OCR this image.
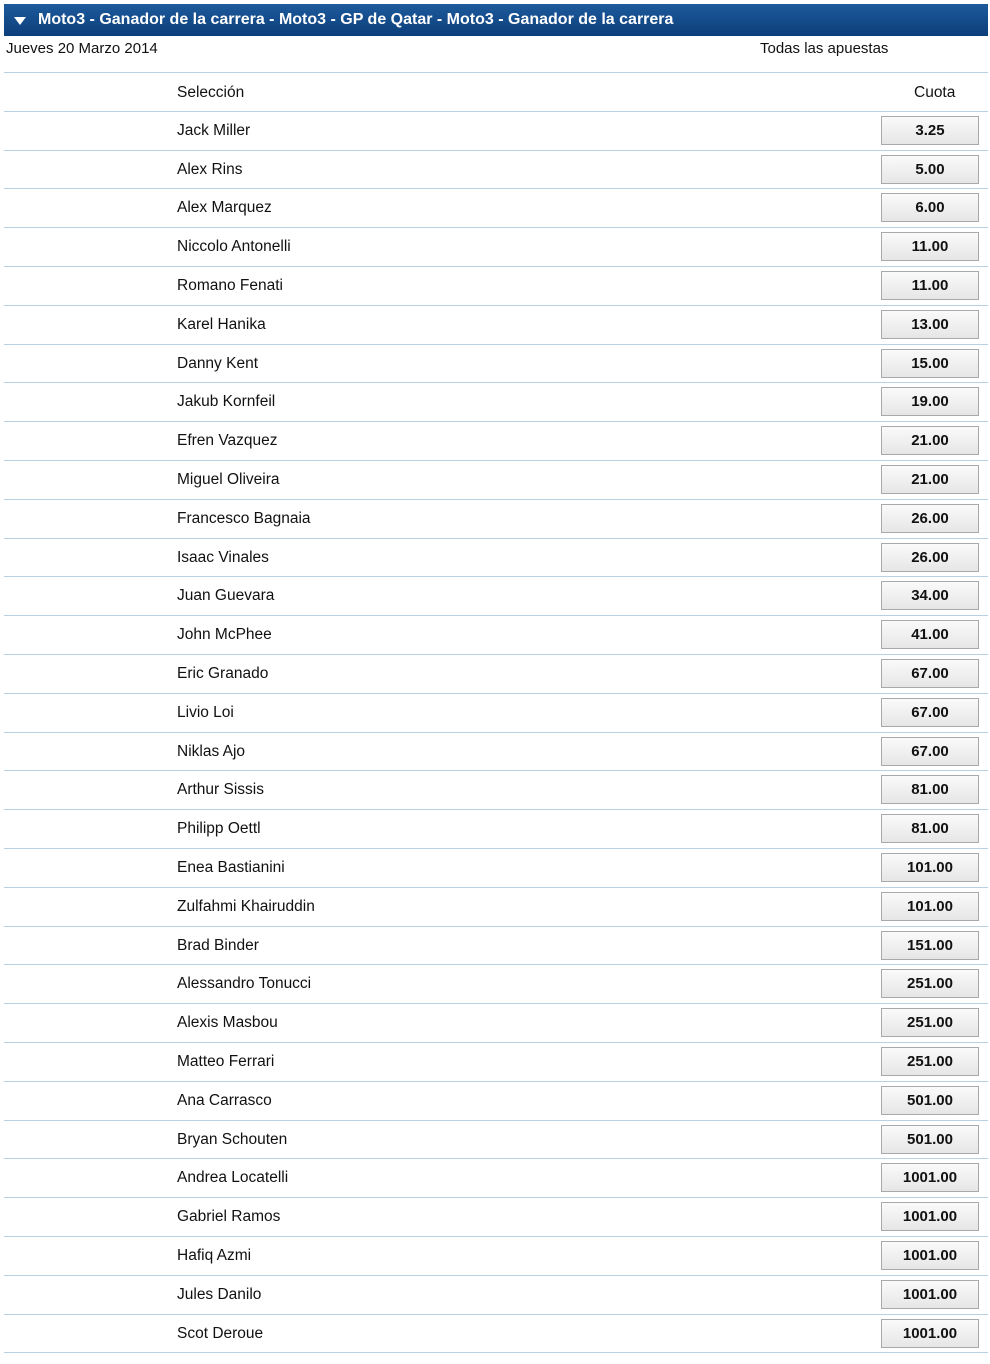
Moto3 - Ganador de la carrera - Moto3 - GP de Qatar - Moto3 - Ganador de la carrera
Jueves 20 Marzo 2014	Todas las apuestas
Selección	Cuota
Jack Miller	3.25
Alex Rins	5.00
Alex Marquez	6.00
Niccolo Antonelli	11.00
Romano Fenati	11.00
Karel Hanika	13.00
Danny Kent	15.00
Jakub Kornfeil	19.00
Efren Vazquez	21.00
Miguel Oliveira	21.00
Francesco Bagnaia	26.00
Isaac Vinales	26.00
Juan Guevara	34.00
John McPhee	41.00
Eric Granado	67.00
Livio Loi	67.00
Niklas Ajo	67.00
Arthur Sissis	81.00
Philipp Oettl	81.00
Enea Bastianini	101.00
Zulfahmi Khairuddin	101.00
Brad Binder	151.00
Alessandro Tonucci	251.00
Alexis Masbou	251.00
Matteo Ferrari	251.00
Ana Carrasco	501.00
Bryan Schouten	501.00
Andrea Locatelli	1001.00
Gabriel Ramos	1001.00
Hafiq Azmi	1001.00
Jules Danilo	1001.00
Scot Deroue	1001.00
